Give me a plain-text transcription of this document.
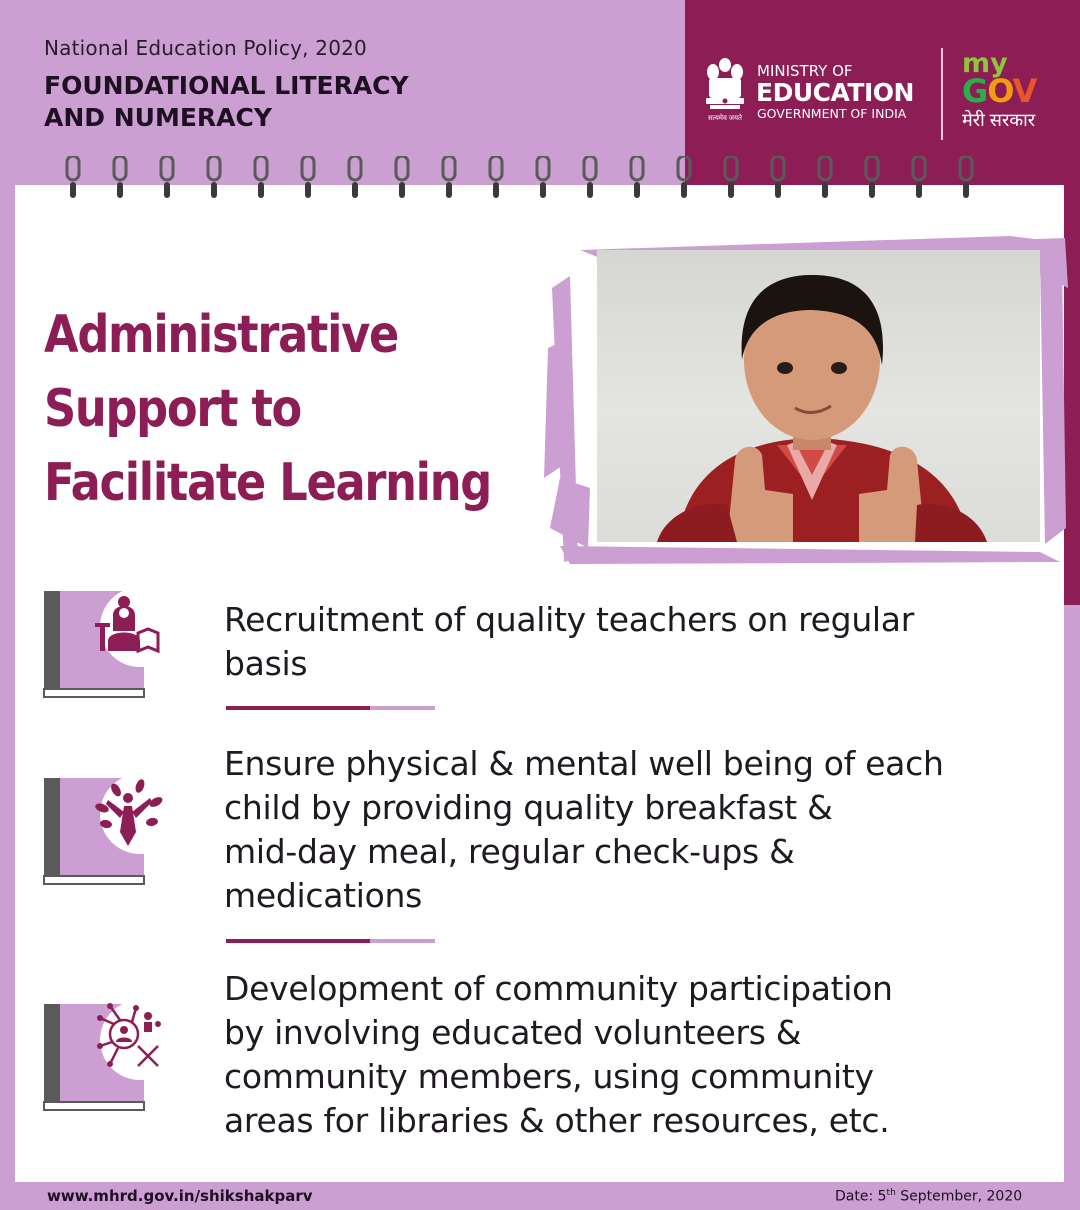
National Education Policy, 2020
FOUNDATIONAL LITERACY
AND NUMERACY	सत्यमेव जयते
MINISTRY OF
EDUCATION
GOVERNMENT OF INDIA
my
GOV
मेरी सरकार
Administrative
Support to
Facilitate Learning
Recruitment of quality teachers on regular
basis
Ensure physical & mental well being of each
child by providing quality breakfast &
mid-day meal, regular check-ups &
medications
Development of community participation
by involving educated volunteers &
community members, using community
areas for libraries & other resources, etc.
www.mhrd.gov.in/shikshakparv	Date: 5th September, 2020
